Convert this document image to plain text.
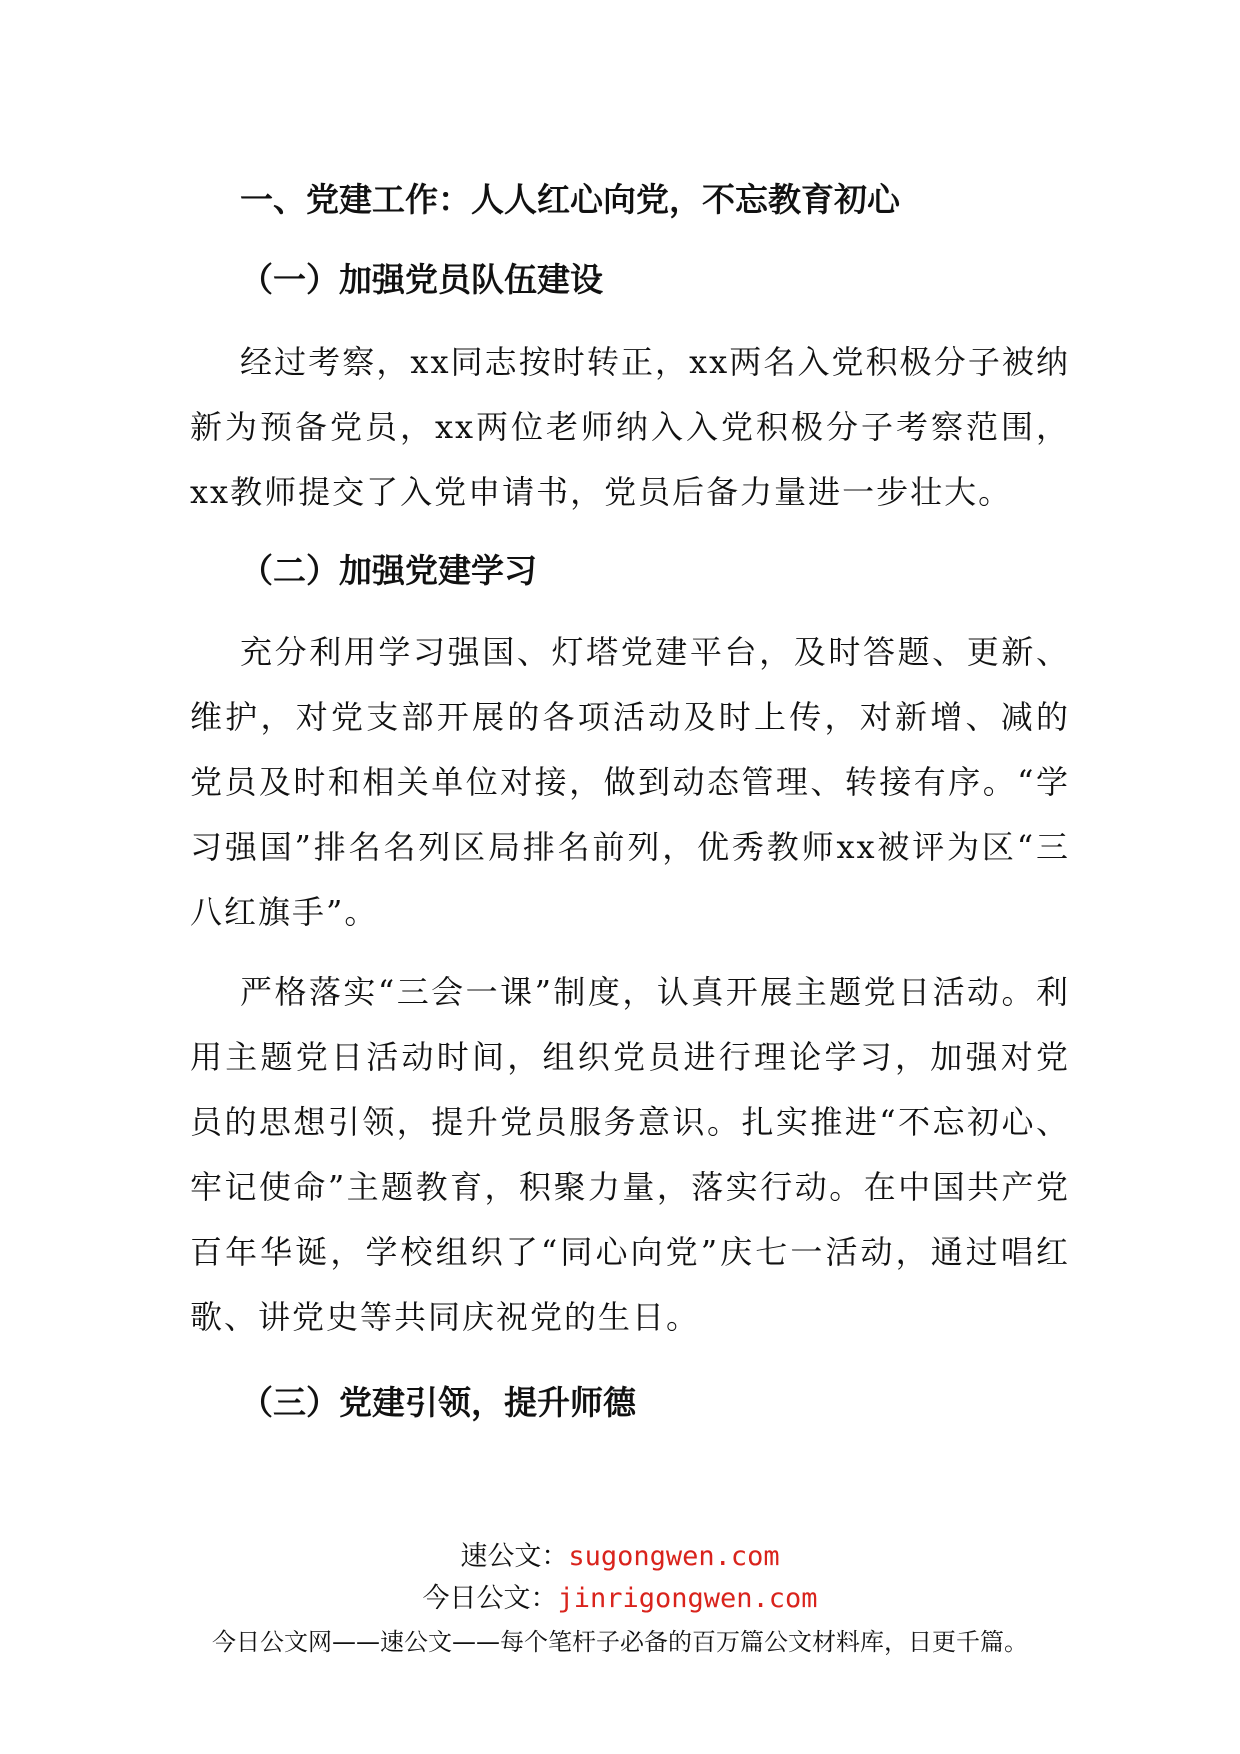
一、党建工作：人人红心向党，不忘教育初心
（一）加强党员队伍建设

经过考察，xx同志按时转正，xx两名入党积极分子被纳新为预备党员，xx两位老师纳入入党积极分子考察范围，xx教师提交了入党申请书，党员后备力量进一步壮大。

（二）加强党建学习

充分利用学习强国、灯塔党建平台，及时答题、更新、维护，对党支部开展的各项活动及时上传，对新增、减的党员及时和相关单位对接，做到动态管理、转接有序。“学习强国”排名名列区局排名前列，优秀教师xx被评为区“三八红旗手”。

严格落实“三会一课”制度，认真开展主题党日活动。利用主题党日活动时间，组织党员进行理论学习，加强对党员的思想引领，提升党员服务意识。扎实推进“不忘初心、牢记使命”主题教育，积聚力量，落实行动。在中国共产党百年华诞，学校组织了“同心向党”庆七一活动，通过唱红歌、讲党史等共同庆祝党的生日。

（三）党建引领，提升师德
速公文：sugongwen.com
今日公文：jinrigongwen.com
今日公文网——速公文——每个笔杆子必备的百万篇公文材料库，日更千篇。
